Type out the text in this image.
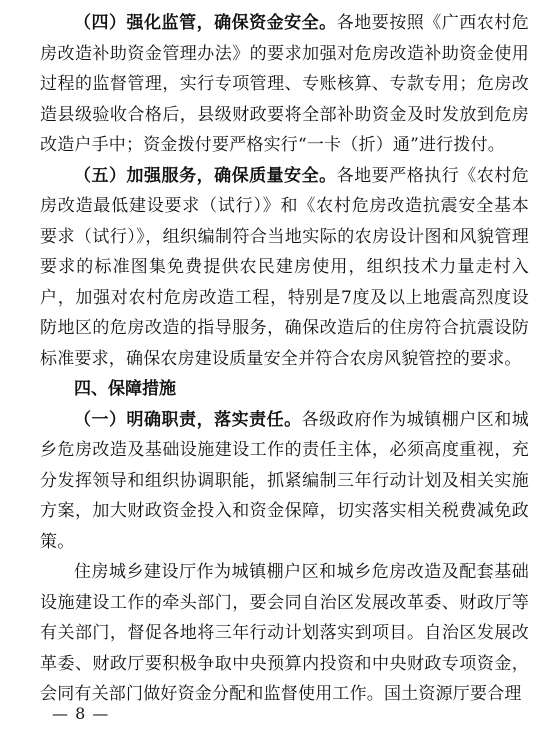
（四）强化监管，确保资金安全。各地要按照《广西农村危房改造补助资金管理办法》的要求加强对危房改造补助资金使用过程的监督管理，实行专项管理、专账核算、专款专用；危房改造县级验收合格后，县级财政要将全部补助资金及时发放到危房改造户手中；资金拨付要严格实行“一卡（折）通”进行拨付。

（五）加强服务，确保质量安全。各地要严格执行《农村危房改造最低建设要求（试行）》和《农村危房改造抗震安全基本要求（试行）》，组织编制符合当地实际的农房设计图和风貌管理要求的标准图集免费提供农民建房使用，组织技术力量走村入户，加强对农村危房改造工程，特别是7度及以上地震高烈度设防地区的危房改造的指导服务，确保改造后的住房符合抗震设防标准要求，确保农房建设质量安全并符合农房风貌管控的要求。

四、保障措施

（一）明确职责，落实责任。各级政府作为城镇棚户区和城乡危房改造及基础设施建设工作的责任主体，必须高度重视，充分发挥领导和组织协调职能，抓紧编制三年行动计划及相关实施方案，加大财政资金投入和资金保障，切实落实相关税费减免政策。

住房城乡建设厅作为城镇棚户区和城乡危房改造及配套基础设施建设工作的牵头部门，要会同自治区发展改革委、财政厅等有关部门，督促各地将三年行动计划落实到项目。自治区发展改革委、财政厅要积极争取中央预算内投资和中央财政专项资金，会同有关部门做好资金分配和监督使用工作。国土资源厅要合理

— 8 —
